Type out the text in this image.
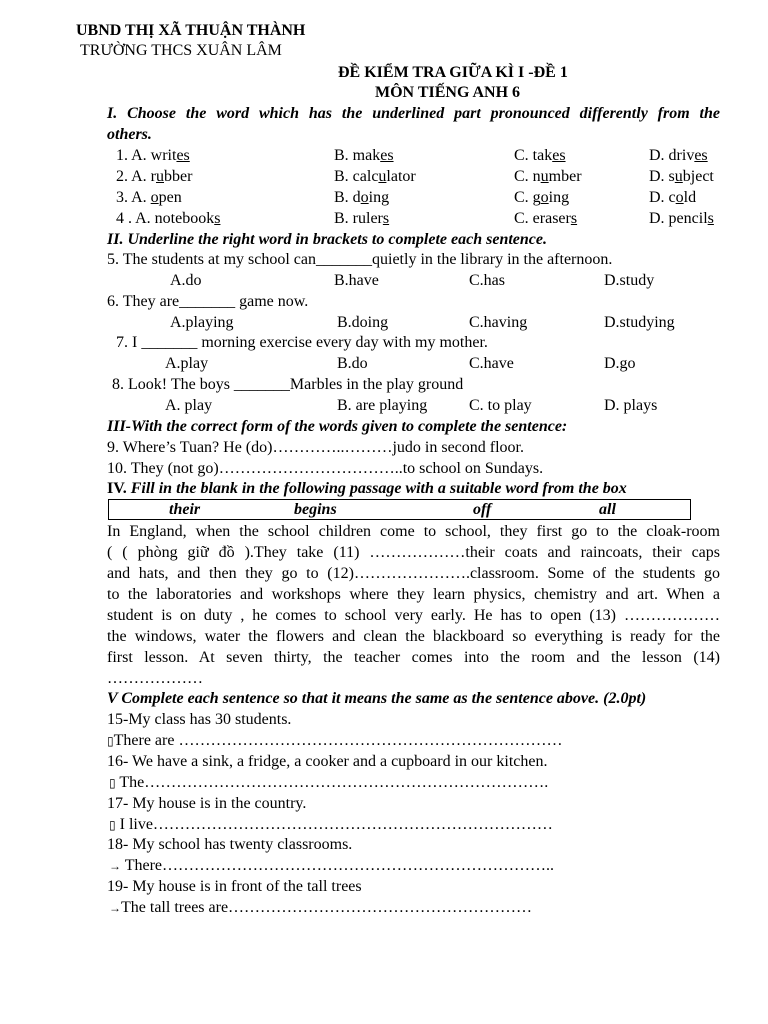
UBND THỊ XÃ THUẬN THÀNH
TRƯỜNG THCS XUÂN LÂM
ĐỀ KIỂM TRA GIỮA KÌ I -ĐỀ 1
MÔN TIẾNG ANH 6
I. Choose the word which has the underlined part pronounced differently from the
others.
1. A. writes	B. makes	C. takes	D. drives
2. A. rubber	B. calculator	C. number	D. subject
3. A. open	B. doing	C. going	D. cold
4 . A. notebooks	B. rulers	C. erasers	D. pencils
II. Underline the right word in brackets to complete each sentence.
5. The students at my school can_______quietly in the library in the afternoon.
A.do	B.have	C.has	D.study
6. They are_______ game now.
A.playing	B.doing	C.having	D.studying
7. I _______ morning exercise every day with my mother.
A.play	B.do	C.have	D.go
8. Look! The boys _______Marbles in the play ground
A. play	B. are playing	C. to play	D. plays
III-With the correct form of the words given to complete the sentence:
9. Where’s Tuan? He (do)…………..………judo in second floor.
10. They (not go)……………………………..to school on Sundays.
IV. Fill in the blank in the following passage with a suitable word from the box
their	begins	off	all
In England, when the school children come to school, they first go to the cloak-room
( ( phòng giữ đồ ).They take (11) ………………their coats and raincoats, their caps
and hats, and then they go to (12)………………….classroom. Some of the students go
to the laboratories and workshops where they learn physics, chemistry and art. When a
student is on duty , he comes to school very early. He has to open (13) ………………
the windows, water the flowers and clean the blackboard so everything is ready for the
first lesson. At seven thirty, the teacher comes into the room and the lesson (14)
………………
V Complete each sentence so that it means the same as the sentence above. (2.0pt)
15-My class has 30 students.
▯There are ………………………………………………………………
16- We have a sink, a fridge, a cooker and a cupboard in our kitchen.
▯ The………………………………………………………………….
17- My house is in the country.
▯ I live…………………………………………………………………
18- My school has twenty classrooms.
→ There………………………………………………………………..
19- My house is in front of the tall trees
→The tall trees are…………………………………………………
